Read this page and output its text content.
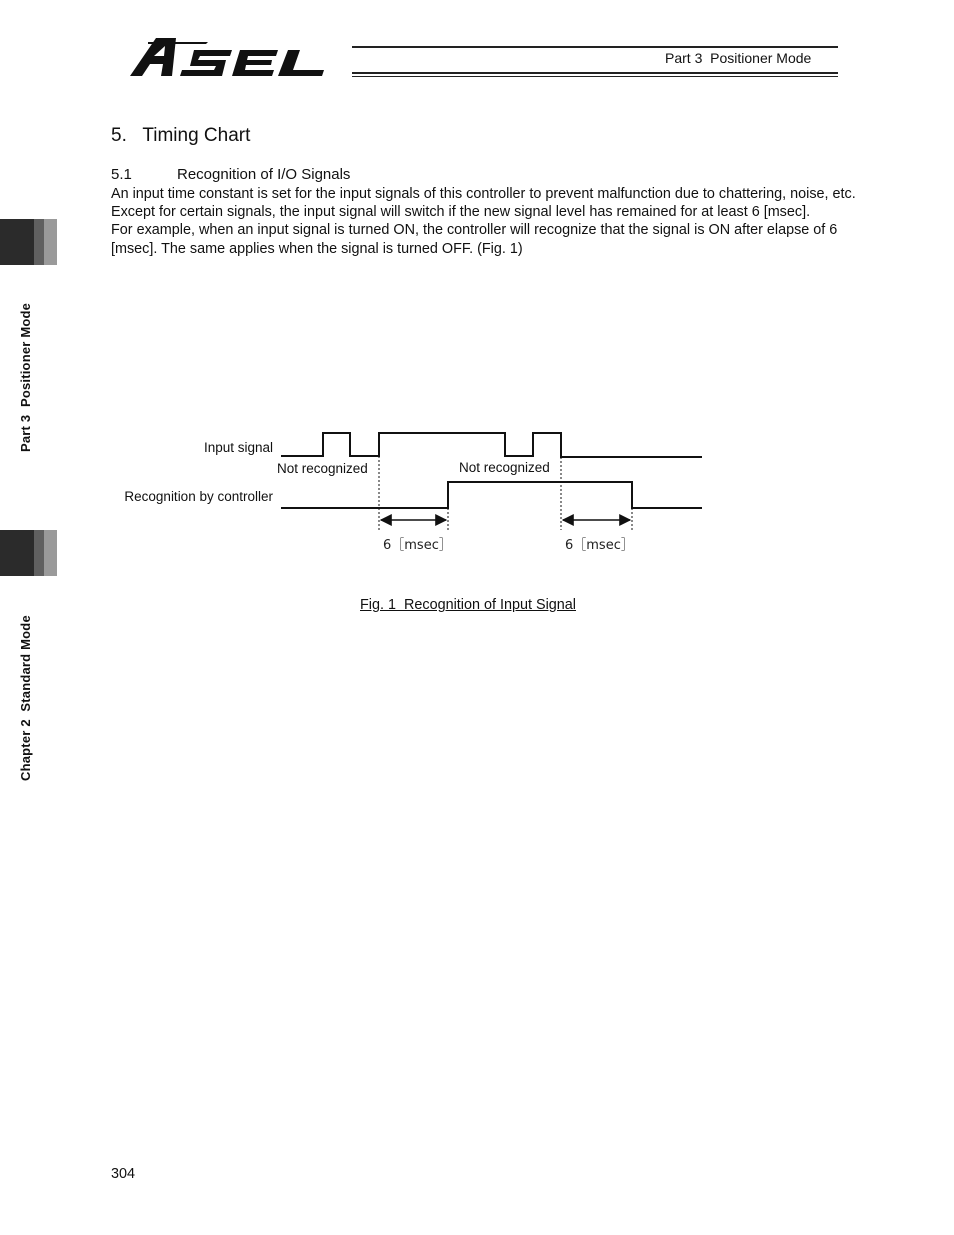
Part 3  Positioner Mode
Part 3  Positioner Mode
Chapter 2  Standard Mode
5.   Timing Chart
5.1	Recognition of I/O Signals

An input time constant is set for the input signals of this controller to prevent malfunction due to chattering, noise, etc.

Except for certain signals, the input signal will switch if the new signal level has remained for at least 6 [msec].

For example, when an input signal is turned ON, the controller will recognize that the signal is ON after elapse of 6 [msec]. The same applies when the signal is turned OFF. (Fig. 1)

Input signal
Recognition by controller
Not recognized	Not recognized
6［msec］	6［msec］
Fig. 1  Recognition of Input Signal
304
